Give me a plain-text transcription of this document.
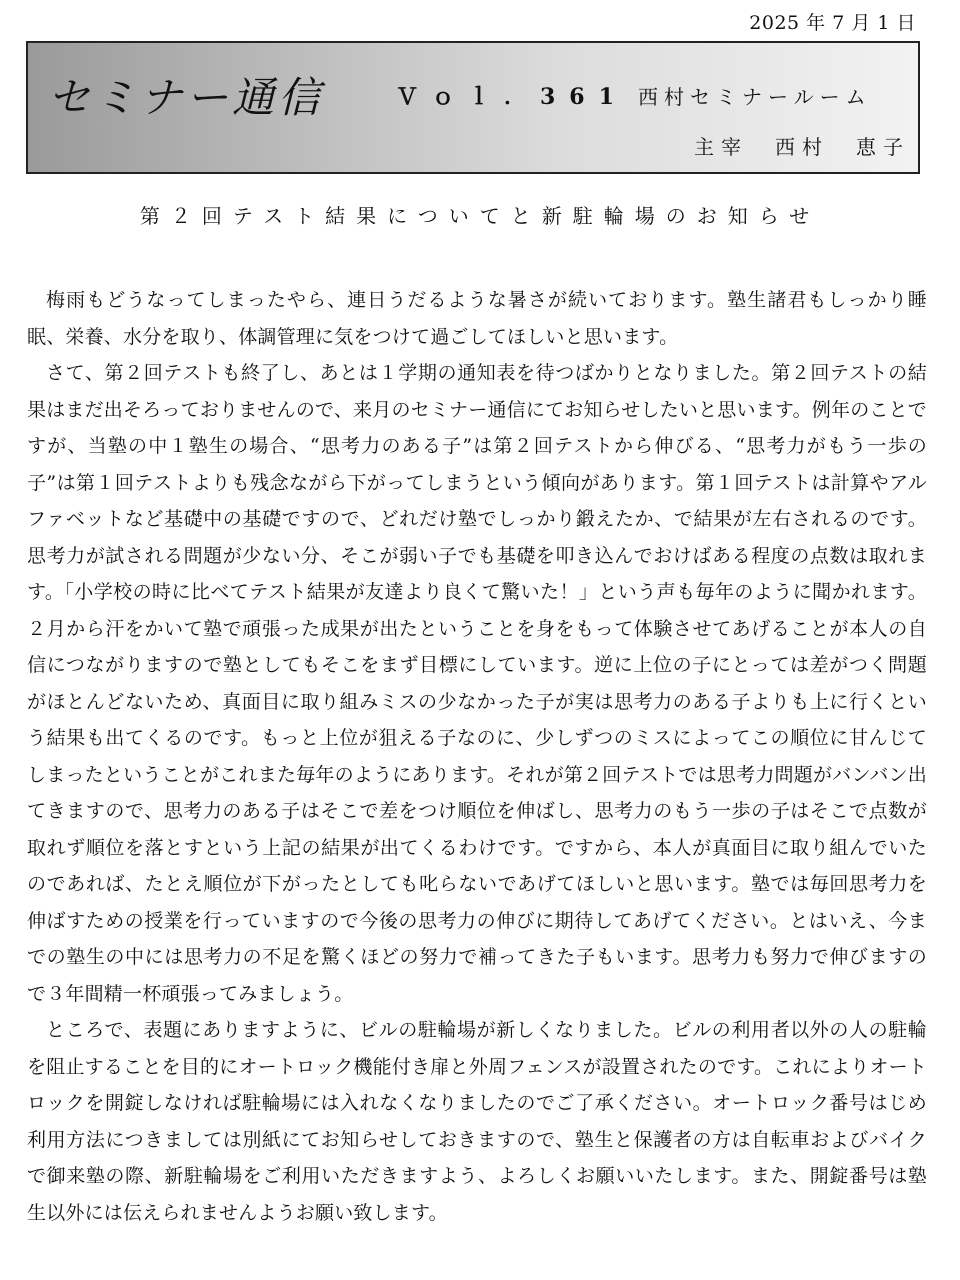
2025 年 7 月 1 日
セミナー通信	Ｖｏｌ．361 西村セミナールーム
主宰　西村　恵子
第２回テスト結果についてと新駐輪場のお知らせ

梅雨もどうなってしまったやら、連日うだるような暑さが続いております。塾生諸君もしっかり睡眠、栄養、水分を取り、体調管理に気をつけて過ごしてほしいと思います。

さて、第２回テストも終了し、あとは１学期の通知表を待つばかりとなりました。第２回テストの結果はまだ出そろっておりませんので、来月のセミナー通信にてお知らせしたいと思います。例年のことですが、当塾の中１塾生の場合、“思考力のある子”は第２回テストから伸びる、“思考力がもう一歩の子”は第１回テストよりも残念ながら下がってしまうという傾向があります。第１回テストは計算やアルファベットなど基礎中の基礎ですので、どれだけ塾でしっかり鍛えたか、で結果が左右されるのです。思考力が試される問題が少ない分、そこが弱い子でも基礎を叩き込んでおけばある程度の点数は取れます。「小学校の時に比べてテスト結果が友達より良くて驚いた！」という声も毎年のように聞かれます。２月から汗をかいて塾で頑張った成果が出たということを身をもって体験させてあげることが本人の自信につながりますので塾としてもそこをまず目標にしています。逆に上位の子にとっては差がつく問題がほとんどないため、真面目に取り組みミスの少なかった子が実は思考力のある子よりも上に行くという結果も出てくるのです。もっと上位が狙える子なのに、少しずつのミスによってこの順位に甘んじてしまったということがこれまた毎年のようにあります。それが第２回テストでは思考力問題がバンバン出てきますので、思考力のある子はそこで差をつけ順位を伸ばし、思考力のもう一歩の子はそこで点数が取れず順位を落とすという上記の結果が出てくるわけです。ですから、本人が真面目に取り組んでいたのであれば、たとえ順位が下がったとしても叱らないであげてほしいと思います。塾では毎回思考力を伸ばすための授業を行っていますので今後の思考力の伸びに期待してあげてください。とはいえ、今までの塾生の中には思考力の不足を驚くほどの努力で補ってきた子もいます。思考力も努力で伸びますので３年間精一杯頑張ってみましょう。

ところで、表題にありますように、ビルの駐輪場が新しくなりました。ビルの利用者以外の人の駐輪を阻止することを目的にオートロック機能付き扉と外周フェンスが設置されたのです。これによりオートロックを開錠しなければ駐輪場には入れなくなりましたのでご了承ください。オートロック番号はじめ利用方法につきましては別紙にてお知らせしておきますので、塾生と保護者の方は自転車およびバイクで御来塾の際、新駐輪場をご利用いただきますよう、よろしくお願いいたします。また、開錠番号は塾生以外には伝えられませんようお願い致します。
